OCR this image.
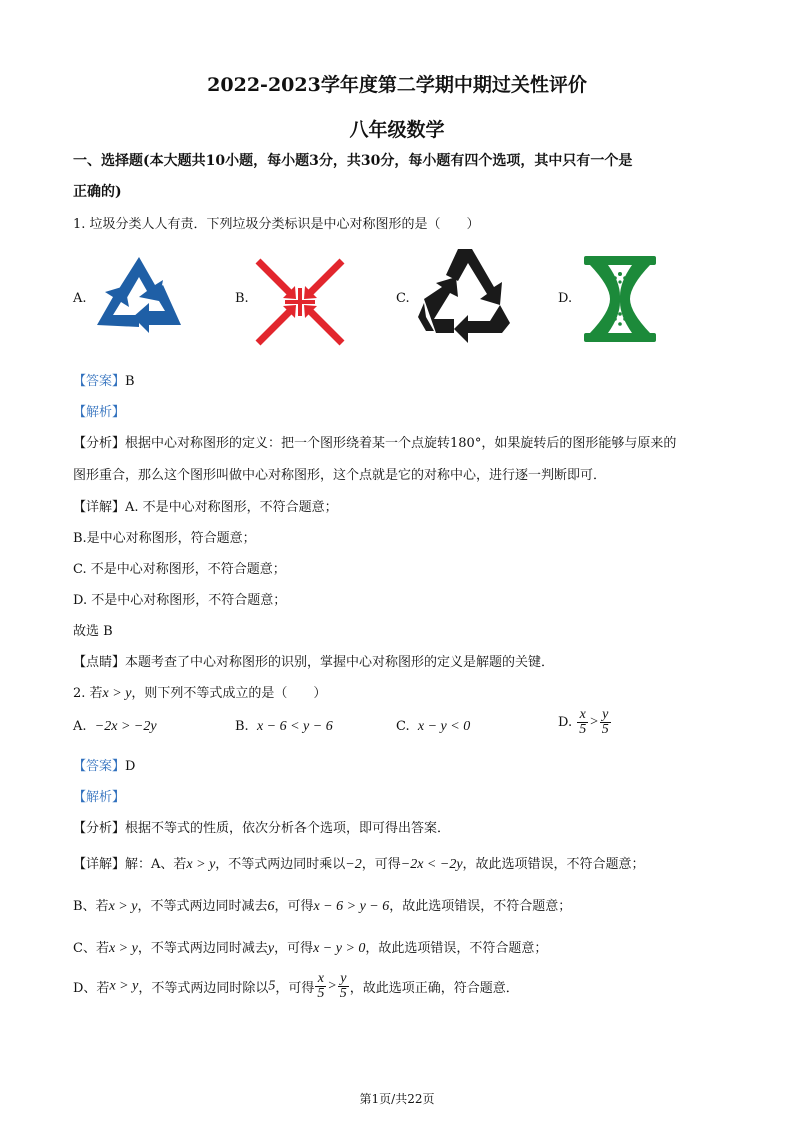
2022-2023学年度第二学期中期过关性评价
八年级数学
一、选择题(本大题共10小题，每小题3分，共30分，每小题有四个选项，其中只有一个是
正确的)
1. 垃圾分类人人有责．下列垃圾分类标识是中心对称图形的是（　　）
A.	B.	C.	D.
【答案】B
【解析】
【分析】根据中心对称图形的定义：把一个图形绕着某一个点旋转180°，如果旋转后的图形能够与原来的
图形重合，那么这个图形叫做中心对称图形，这个点就是它的对称中心，进行逐一判断即可．
【详解】A. 不是中心对称图形，不符合题意；
B.是中心对称图形，符合题意；
C. 不是中心对称图形，不符合题意；
D. 不是中心对称图形，不符合题意；
故选 B
【点睛】本题考查了中心对称图形的识别，掌握中心对称图形的定义是解题的关键．
2. 若x > y，则下列不等式成立的是（　　）
A. −2x > −2y	B. x − 6 < y − 6	C. x − y < 0	D. $\frac{x}{5} > \frac{y}{5}$
【答案】D
【解析】
【分析】根据不等式的性质，依次分析各个选项，即可得出答案．
【详解】解：A、若x > y，不等式两边同时乘以−2，可得−2x < −2y，故此选项错误，不符合题意；
B、若x > y，不等式两边同时减去6，可得x − 6 > y − 6，故此选项错误，不符合题意；
C、若x > y，不等式两边同时减去y，可得x − y > 0，故此选项错误，不符合题意；
D、若x > y，不等式两边同时除以5，可得 $\frac{x}{5} > \frac{y}{5}$ ，故此选项正确，符合题意．
第1页/共22页
